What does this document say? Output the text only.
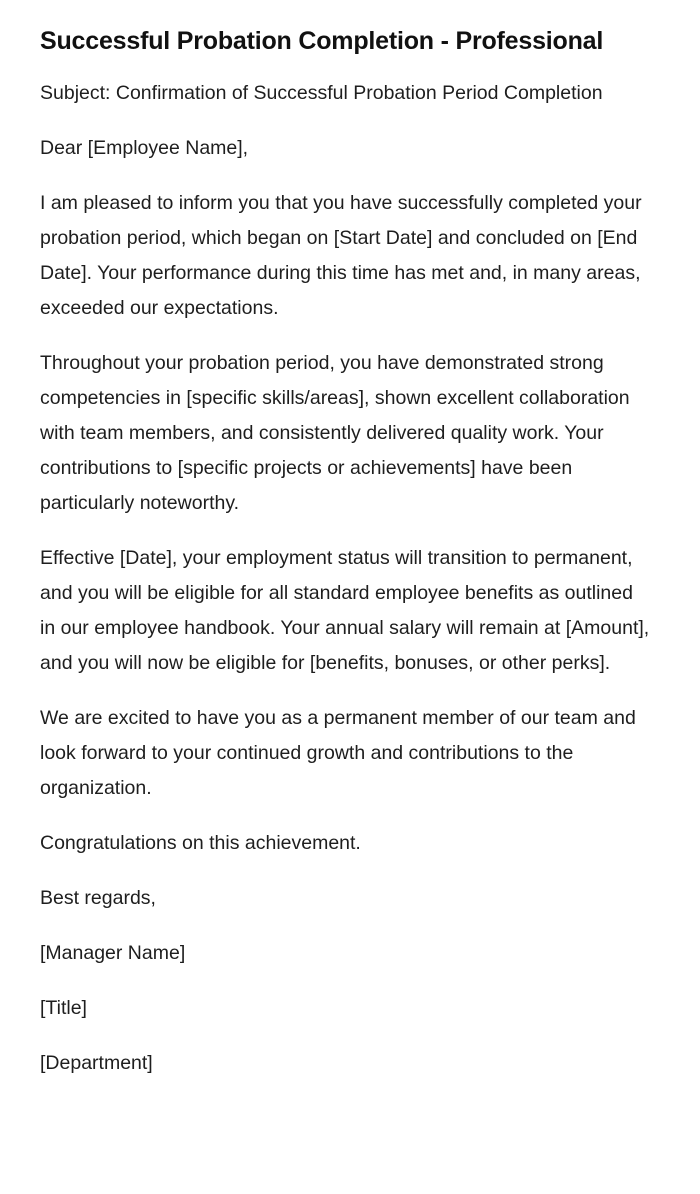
Successful Probation Completion - Professional

Subject: Confirmation of Successful Probation Period Completion

Dear [Employee Name],

I am pleased to inform you that you have successfully completed your probation period, which began on [Start Date] and concluded on [End Date]. Your performance during this time has met and, in many areas, exceeded our expectations.

Throughout your probation period, you have demonstrated strong competencies in [specific skills/areas], shown excellent collaboration with team members, and consistently delivered quality work. Your contributions to [specific projects or achievements] have been particularly noteworthy.

Effective [Date], your employment status will transition to permanent, and you will be eligible for all standard employee benefits as outlined in our employee handbook. Your annual salary will remain at [Amount], and you will now be eligible for [benefits, bonuses, or other perks].

We are excited to have you as a permanent member of our team and look forward to your continued growth and contributions to the organization.

Congratulations on this achievement.

Best regards,

[Manager Name]

[Title]

[Department]
